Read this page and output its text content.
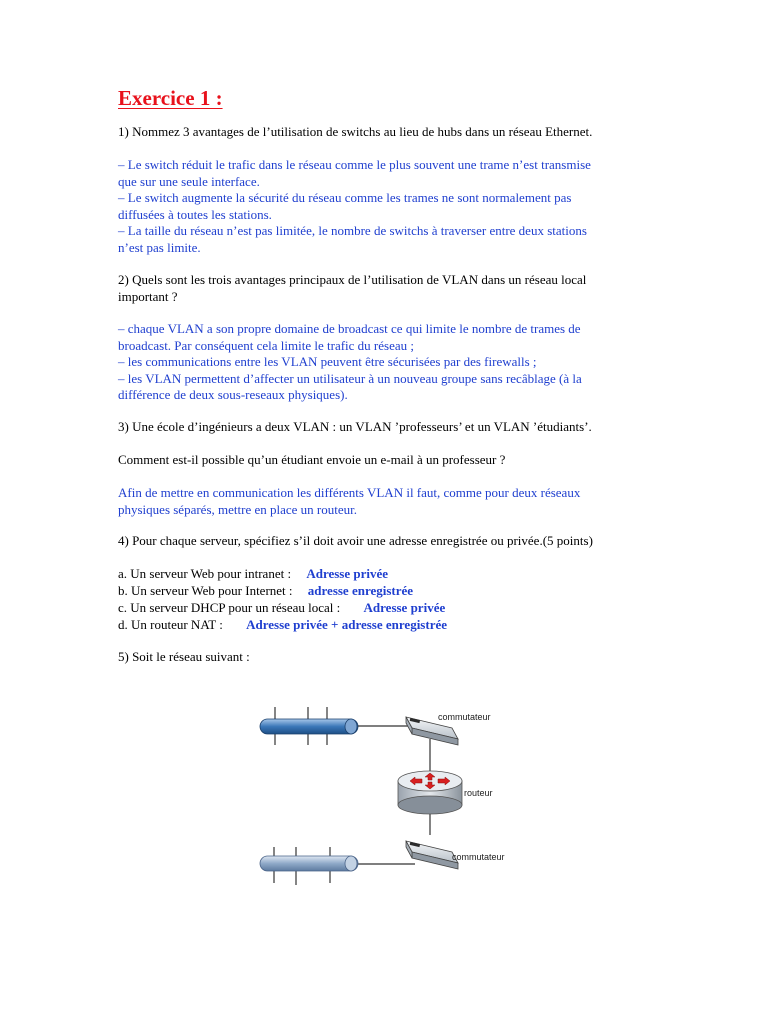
Exercice 1 :
1) Nommez 3 avantages de l’utilisation de switchs au lieu de hubs dans un réseau Ethernet.

– Le switch réduit le trafic dans le réseau comme le plus souvent une trame n’est transmise

que sur une seule interface.

– Le switch augmente la sécurité du réseau comme les trames ne sont normalement pas

diffusées à toutes les stations.

– La taille du réseau n’est pas limitée, le nombre de switchs à traverser entre deux stations

n’est pas limite.

2) Quels sont les trois avantages principaux de l’utilisation de VLAN dans un réseau local

important ?

– chaque VLAN a son propre domaine de broadcast ce qui limite le nombre de trames de

broadcast. Par conséquent cela limite le trafic du réseau ;

– les communications entre les VLAN peuvent être sécurisées par des firewalls ;

– les VLAN permettent d’affecter un utilisateur à un nouveau groupe sans recâblage (à la

différence de deux sous-reseaux physiques).

3) Une école d’ingénieurs a deux VLAN : un VLAN ’professeurs’ et un VLAN ’étudiants’.
Comment est-il possible qu’un étudiant envoie un e-mail à un professeur ?

Afin de mettre en communication les différents VLAN il faut, comme pour deux réseaux

physiques séparés, mettre en place un routeur.

4) Pour chaque serveur, spécifiez s’il doit avoir une adresse enregistrée ou privée.(5 points)
a. Un serveur Web pour intranet : Adresse privée
b. Un serveur Web pour Internet : adresse enregistrée
c. Un serveur DHCP pour un réseau local : Adresse privée
d. Un routeur NAT : Adresse privée + adresse enregistrée
5) Soit le réseau suivant :
commutateur
routeur
commutateur
